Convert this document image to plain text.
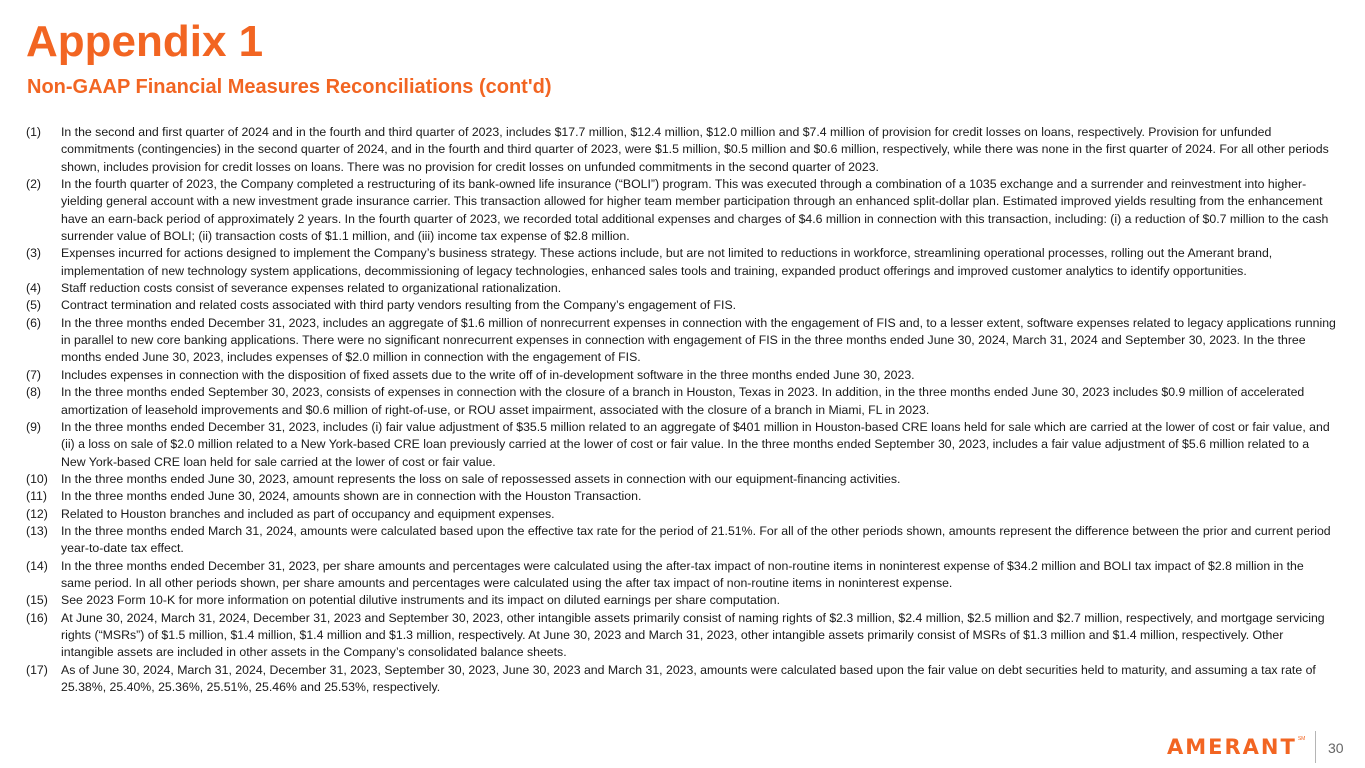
Appendix 1
Non-GAAP Financial Measures Reconciliations (cont'd)
(1) In the second and first quarter of 2024 and in the fourth and third quarter of 2023, includes $17.7 million, $12.4 million, $12.0 million and $7.4 million of provision for credit losses on loans, respectively. Provision for unfunded commitments (contingencies) in the second quarter of 2024, and in the fourth and third quarter of 2023, were $1.5 million, $0.5 million and $0.6 million, respectively, while there was none in the first quarter of 2024. For all other periods shown, includes provision for credit losses on loans. There was no provision for credit losses on unfunded commitments in the second quarter of 2023.
(2) In the fourth quarter of 2023, the Company completed a restructuring of its bank-owned life insurance (“BOLI”) program. This was executed through a combination of a 1035 exchange and a surrender and reinvestment into higher-yielding general account with a new investment grade insurance carrier. This transaction allowed for higher team member participation through an enhanced split-dollar plan. Estimated improved yields resulting from the enhancement have an earn-back period of approximately 2 years. In the fourth quarter of 2023, we recorded total additional expenses and charges of $4.6 million in connection with this transaction, including: (i) a reduction of $0.7 million to the cash surrender value of BOLI; (ii) transaction costs of $1.1 million, and (iii) income tax expense of $2.8 million.
(3) Expenses incurred for actions designed to implement the Company’s business strategy. These actions include, but are not limited to reductions in workforce, streamlining operational processes, rolling out the Amerant brand, implementation of new technology system applications, decommissioning of legacy technologies, enhanced sales tools and training, expanded product offerings and improved customer analytics to identify opportunities.
(4) Staff reduction costs consist of severance expenses related to organizational rationalization.
(5) Contract termination and related costs associated with third party vendors resulting from the Company’s engagement of FIS.
(6) In the three months ended December 31, 2023, includes an aggregate of $1.6 million of nonrecurrent expenses in connection with the engagement of FIS and, to a lesser extent, software expenses related to legacy applications running in parallel to new core banking applications. There were no significant nonrecurrent expenses in connection with engagement of FIS in the three months ended June 30, 2024, March 31, 2024 and September 30, 2023. In the three months ended June 30, 2023, includes expenses of $2.0 million in connection with the engagement of FIS.
(7) Includes expenses in connection with the disposition of fixed assets due to the write off of in-development software in the three months ended June 30, 2023.
(8) In the three months ended September 30, 2023, consists of expenses in connection with the closure of a branch in Houston, Texas in 2023. In addition, in the three months ended June 30, 2023 includes $0.9 million of accelerated amortization of leasehold improvements and $0.6 million of right-of-use, or ROU asset impairment, associated with the closure of a branch in Miami, FL in 2023.
(9) In the three months ended December 31, 2023, includes (i) fair value adjustment of $35.5 million related to an aggregate of $401 million in Houston-based CRE loans held for sale which are carried at the lower of cost or fair value, and (ii) a loss on sale of $2.0 million related to a New York-based CRE loan previously carried at the lower of cost or fair value. In the three months ended September 30, 2023, includes a fair value adjustment of $5.6 million related to a New York-based CRE loan held for sale carried at the lower of cost or fair value.
(10) In the three months ended June 30, 2023, amount represents the loss on sale of repossessed assets in connection with our equipment-financing activities.
(11) In the three months ended June 30, 2024, amounts shown are in connection with the Houston Transaction.
(12) Related to Houston branches and included as part of occupancy and equipment expenses.
(13) In the three months ended March 31, 2024, amounts were calculated based upon the effective tax rate for the period of 21.51%. For all of the other periods shown, amounts represent the difference between the prior and current period year-to-date tax effect.
(14) In the three months ended December 31, 2023, per share amounts and percentages were calculated using the after-tax impact of non-routine items in noninterest expense of $34.2 million and BOLI tax impact of $2.8 million in the same period. In all other periods shown, per share amounts and percentages were calculated using the after tax impact of non-routine items in noninterest expense.
(15) See 2023 Form 10-K for more information on potential dilutive instruments and its impact on diluted earnings per share computation.
(16) At June 30, 2024, March 31, 2024, December 31, 2023 and September 30, 2023, other intangible assets primarily consist of naming rights of $2.3 million, $2.4 million, $2.5 million and $2.7 million, respectively, and mortgage servicing rights (“MSRs”) of $1.5 million, $1.4 million, $1.4 million and $1.3 million, respectively. At June 30, 2023 and March 31, 2023, other intangible assets primarily consist of MSRs of $1.3 million and $1.4 million, respectively. Other intangible assets are included in other assets in the Company’s consolidated balance sheets.
(17) As of June 30, 2024, March 31, 2024, December 31, 2023, September 30, 2023, June 30, 2023 and March 31, 2023, amounts were calculated based upon the fair value on debt securities held to maturity, and assuming a tax rate of 25.38%, 25.40%, 25.36%, 25.51%, 25.46% and 25.53%, respectively.
AMERANT SM
30
